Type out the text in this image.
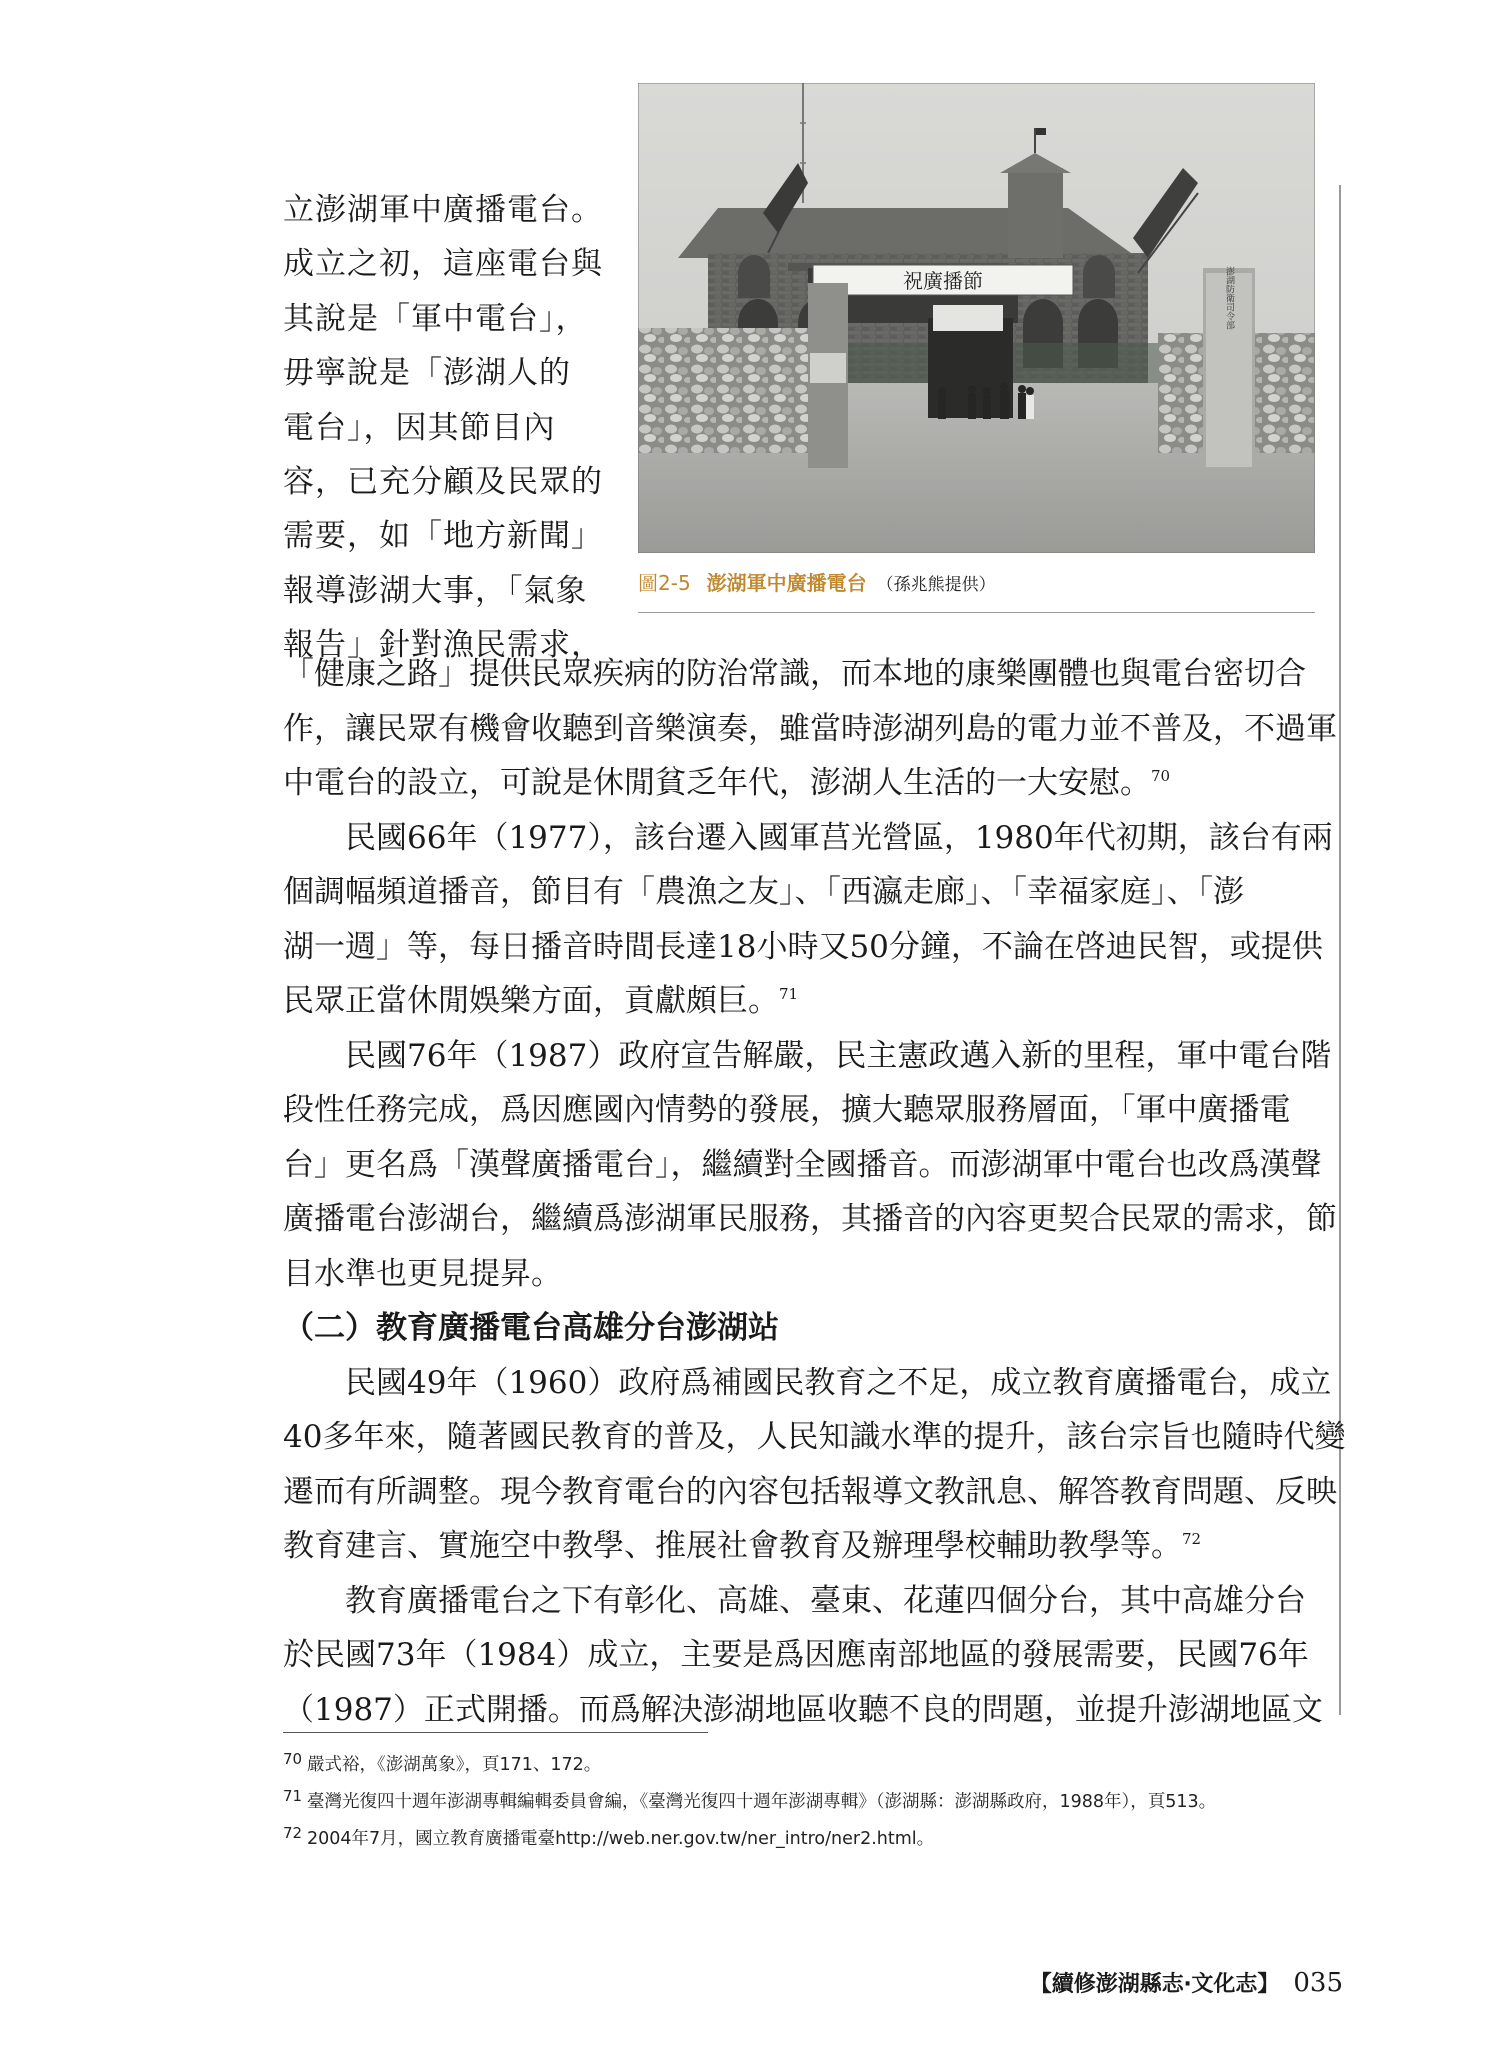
祝廣播節	澎湖防衛司令部
圖2-5 澎湖軍中廣播電台 （孫兆熊提供）
立澎湖軍中廣播電台。
成立之初，這座電台與
其說是「軍中電台」，
毋寧說是「澎湖人的
電台」，因其節目內
容，已充分顧及民眾的
需要，如「地方新聞」
報導澎湖大事，「氣象
報告」針對漁民需求，
「健康之路」提供民眾疾病的防治常識，而本地的康樂團體也與電台密切合
作，讓民眾有機會收聽到音樂演奏，雖當時澎湖列島的電力並不普及，不過軍
中電台的設立，可說是休閒貧乏年代，澎湖人生活的一大安慰。$^{70}$
　　民國66年（1977），該台遷入國軍莒光營區，1980年代初期，該台有兩
個調幅頻道播音，節目有「農漁之友」、「西瀛走廊」、「幸福家庭」、「澎
湖一週」等，每日播音時間長達18小時又50分鐘，不論在啓迪民智，或提供
民眾正當休閒娛樂方面，貢獻頗巨。$^{71}$
　　民國76年（1987）政府宣告解嚴，民主憲政邁入新的里程，軍中電台階
段性任務完成，爲因應國內情勢的發展，擴大聽眾服務層面，「軍中廣播電
台」更名爲「漢聲廣播電台」，繼續對全國播音。而澎湖軍中電台也改爲漢聲
廣播電台澎湖台，繼續爲澎湖軍民服務，其播音的內容更契合民眾的需求，節
目水準也更見提昇。
（二）教育廣播電台高雄分台澎湖站
　　民國49年（1960）政府爲補國民教育之不足，成立教育廣播電台，成立
40多年來，隨著國民教育的普及，人民知識水準的提升，該台宗旨也隨時代變
遷而有所調整。現今教育電台的內容包括報導文教訊息、解答教育問題、反映
教育建言、實施空中教學、推展社會教育及辦理學校輔助教學等。$^{72}$
　　教育廣播電台之下有彰化、高雄、臺東、花蓮四個分台，其中高雄分台
於民國73年（1984）成立，主要是爲因應南部地區的發展需要，民國76年
（1987）正式開播。而爲解決澎湖地區收聽不良的問題，並提升澎湖地區文
70 嚴式裕，《澎湖萬象》，頁171、172。
71 臺灣光復四十週年澎湖專輯編輯委員會編，《臺灣光復四十週年澎湖專輯》（澎湖縣：澎湖縣政府，1988年），頁513。
72 2004年7月，國立教育廣播電臺http://web.ner.gov.tw/ner_intro/ner2.html。
【續修澎湖縣志‧文化志】 035
